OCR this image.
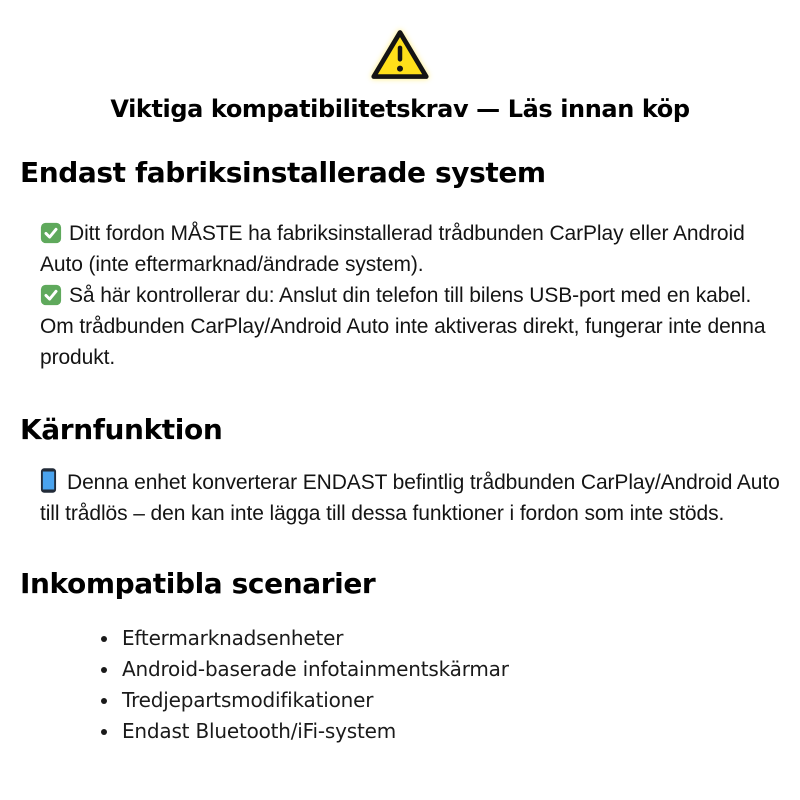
Viktiga kompatibilitetskrav — Läs innan köp
Endast fabriksinstallerade system
Ditt fordon MÅSTE ha fabriksinstallerad trådbunden CarPlay eller Android Auto (inte eftermarknad/ändrade system).
Så här kontrollerar du: Anslut din telefon till bilens USB-port med en kabel. Om trådbunden CarPlay/Android Auto inte aktiveras direkt, fungerar inte denna produkt.
Kärnfunktion
Denna enhet konverterar ENDAST befintlig trådbunden CarPlay/Android Auto till trådlös – den kan inte lägga till dessa funktioner i fordon som inte stöds.
Inkompatibla scenarier
• Eftermarknadsenheter
• Android-baserade infotainmentskärmar
• Tredjepartsmodifikationer
• Endast Bluetooth/iFi-system
